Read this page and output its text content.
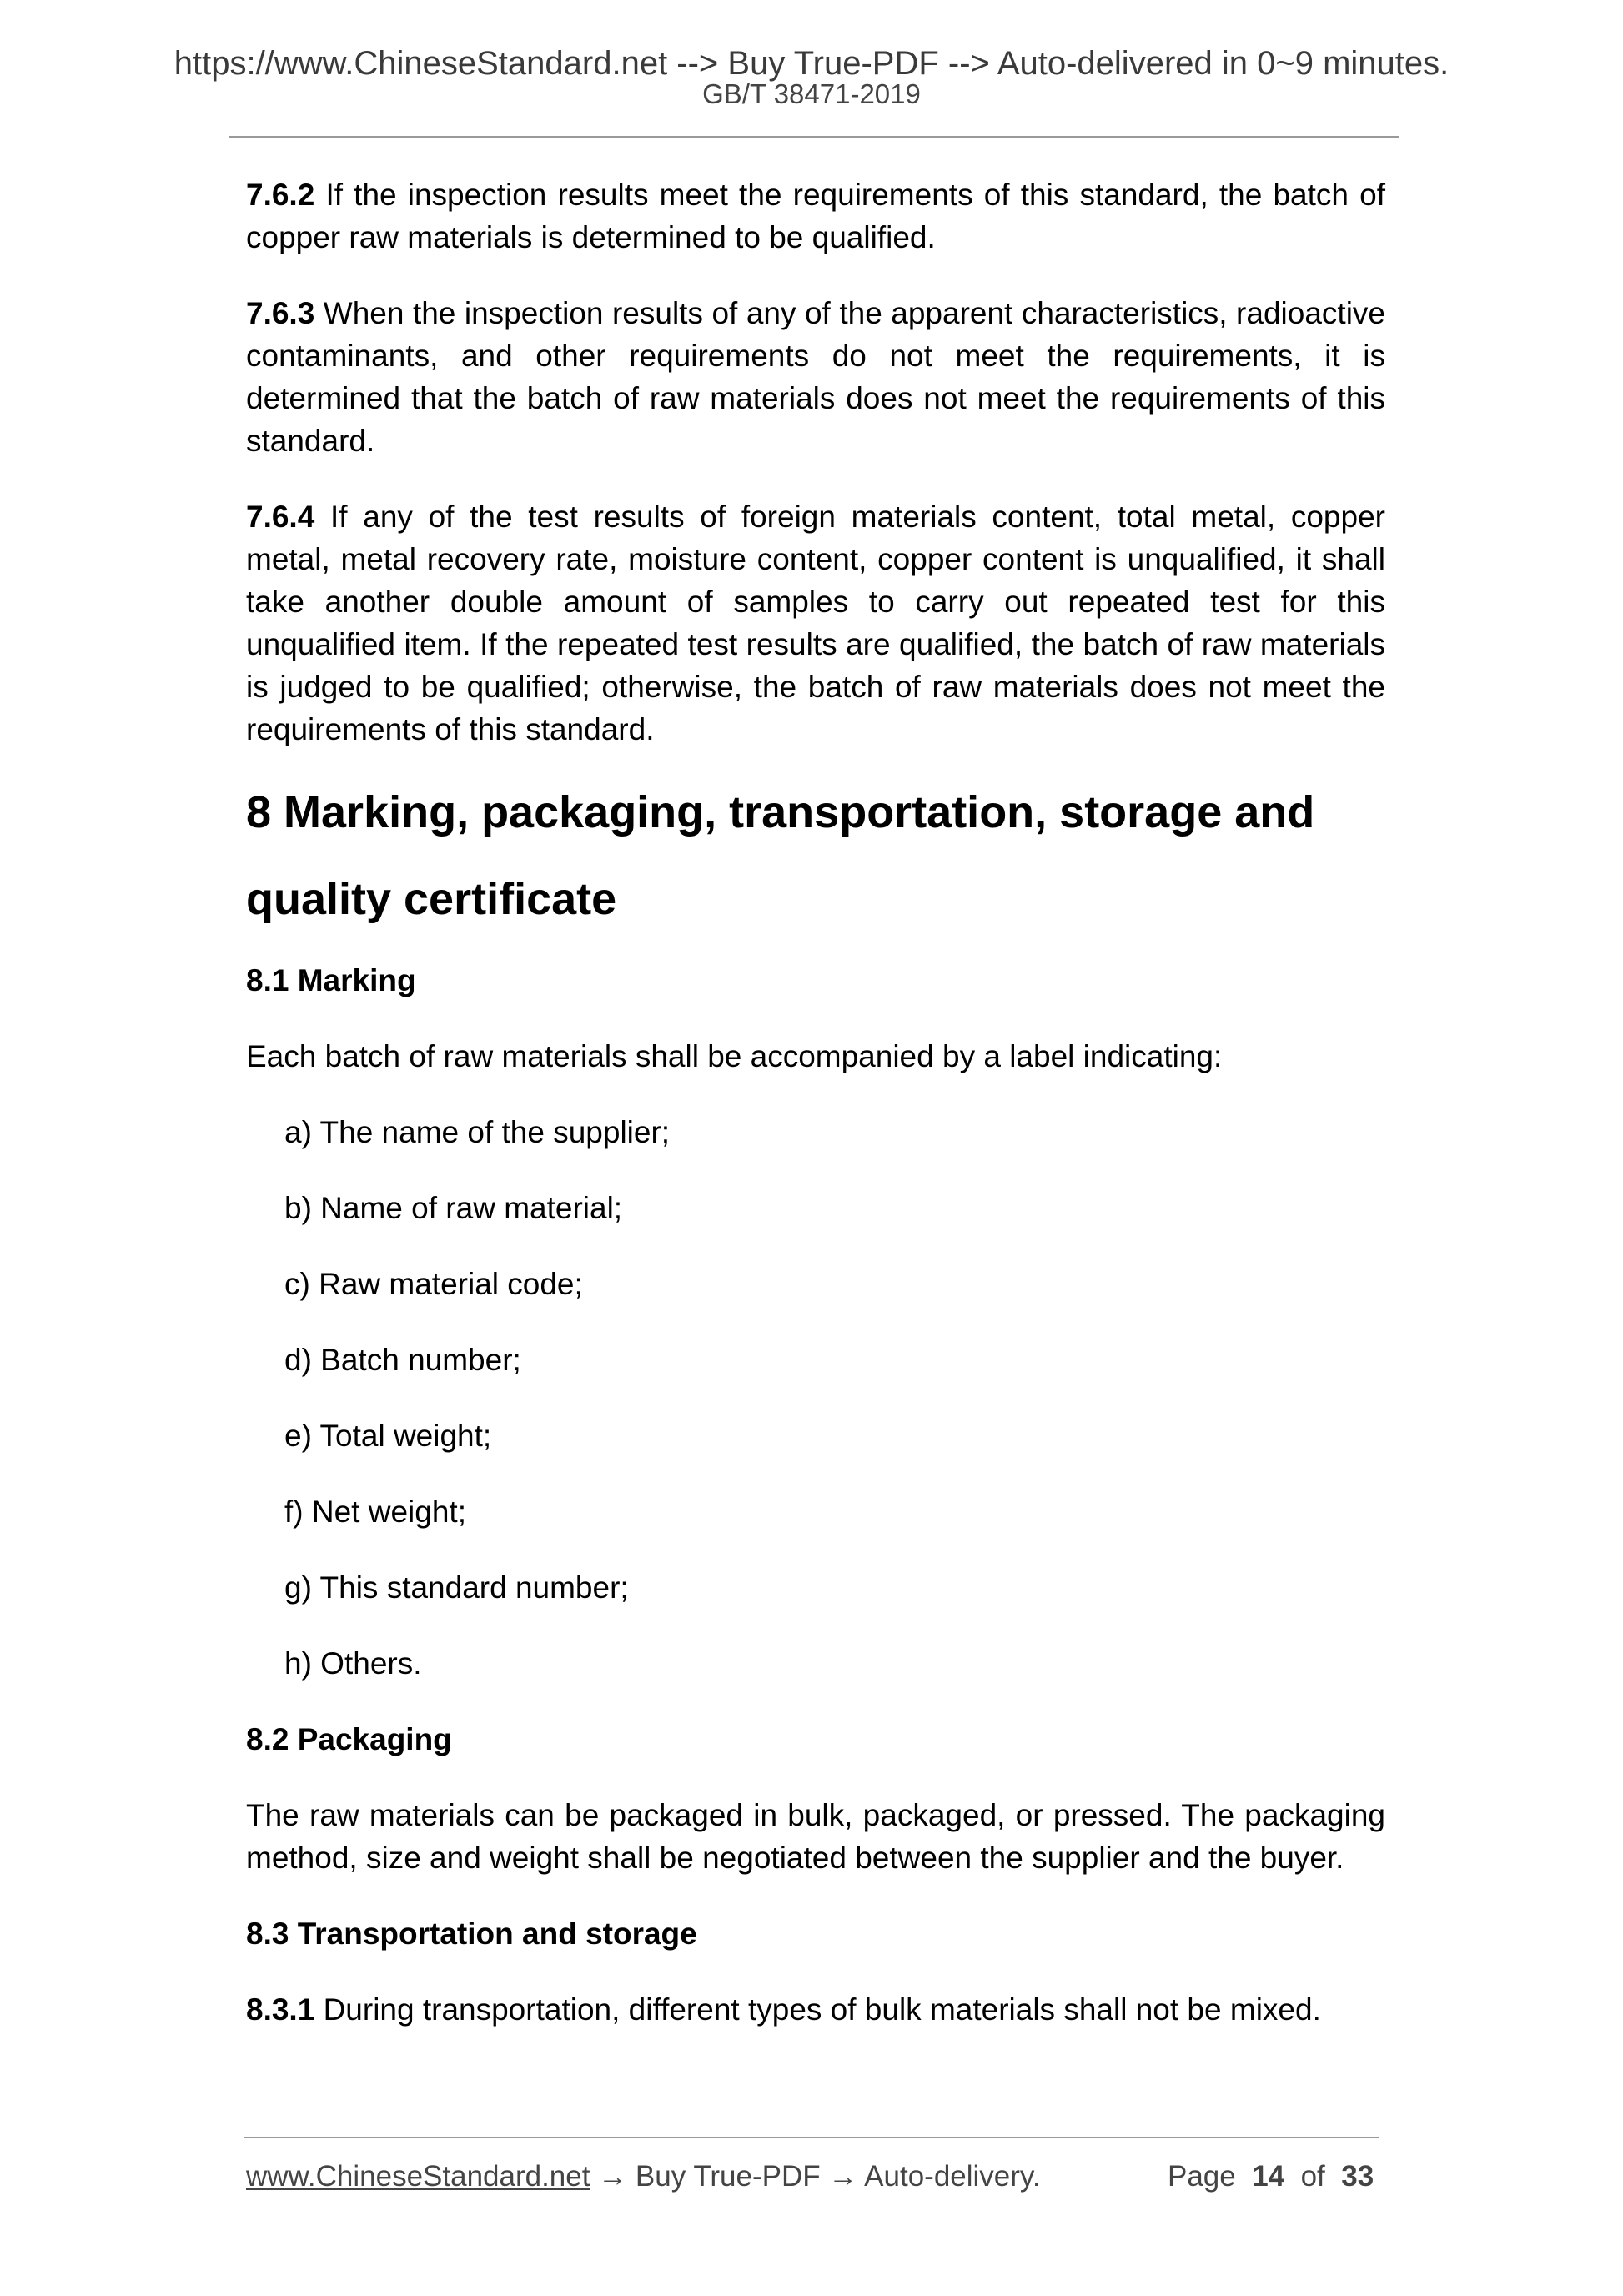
https://www.ChineseStandard.net --> Buy True-PDF --> Auto-delivered in 0~9 minutes.
GB/T 38471-2019

7.6.2 If the inspection results meet the requirements of this standard, the batch of copper raw materials is determined to be qualified.

7.6.3 When the inspection results of any of the apparent characteristics, radioactive contaminants, and other requirements do not meet the requirements, it is determined that the batch of raw materials does not meet the requirements of this standard.

7.6.4 If any of the test results of foreign materials content, total metal, copper metal, metal recovery rate, moisture content, copper content is unqualified, it shall take another double amount of samples to carry out repeated test for this unqualified item. If the repeated test results are qualified, the batch of raw materials is judged to be qualified; otherwise, the batch of raw materials does not meet the requirements of this standard.

8 Marking, packaging, transportation, storage and
quality certificate
8.1 Marking

Each batch of raw materials shall be accompanied by a label indicating:

a) The name of the supplier;

b) Name of raw material;

c) Raw material code;

d) Batch number;

e) Total weight;

f) Net weight;

g) This standard number;

h) Others.

8.2 Packaging

The raw materials can be packaged in bulk, packaged, or pressed. The packaging method, size and weight shall be negotiated between the supplier and the buyer.

8.3 Transportation and storage

8.3.1 During transportation, different types of bulk materials shall not be mixed.

www.ChineseStandard.net → Buy True-PDF → Auto-delivery.	Page 14 of 33
